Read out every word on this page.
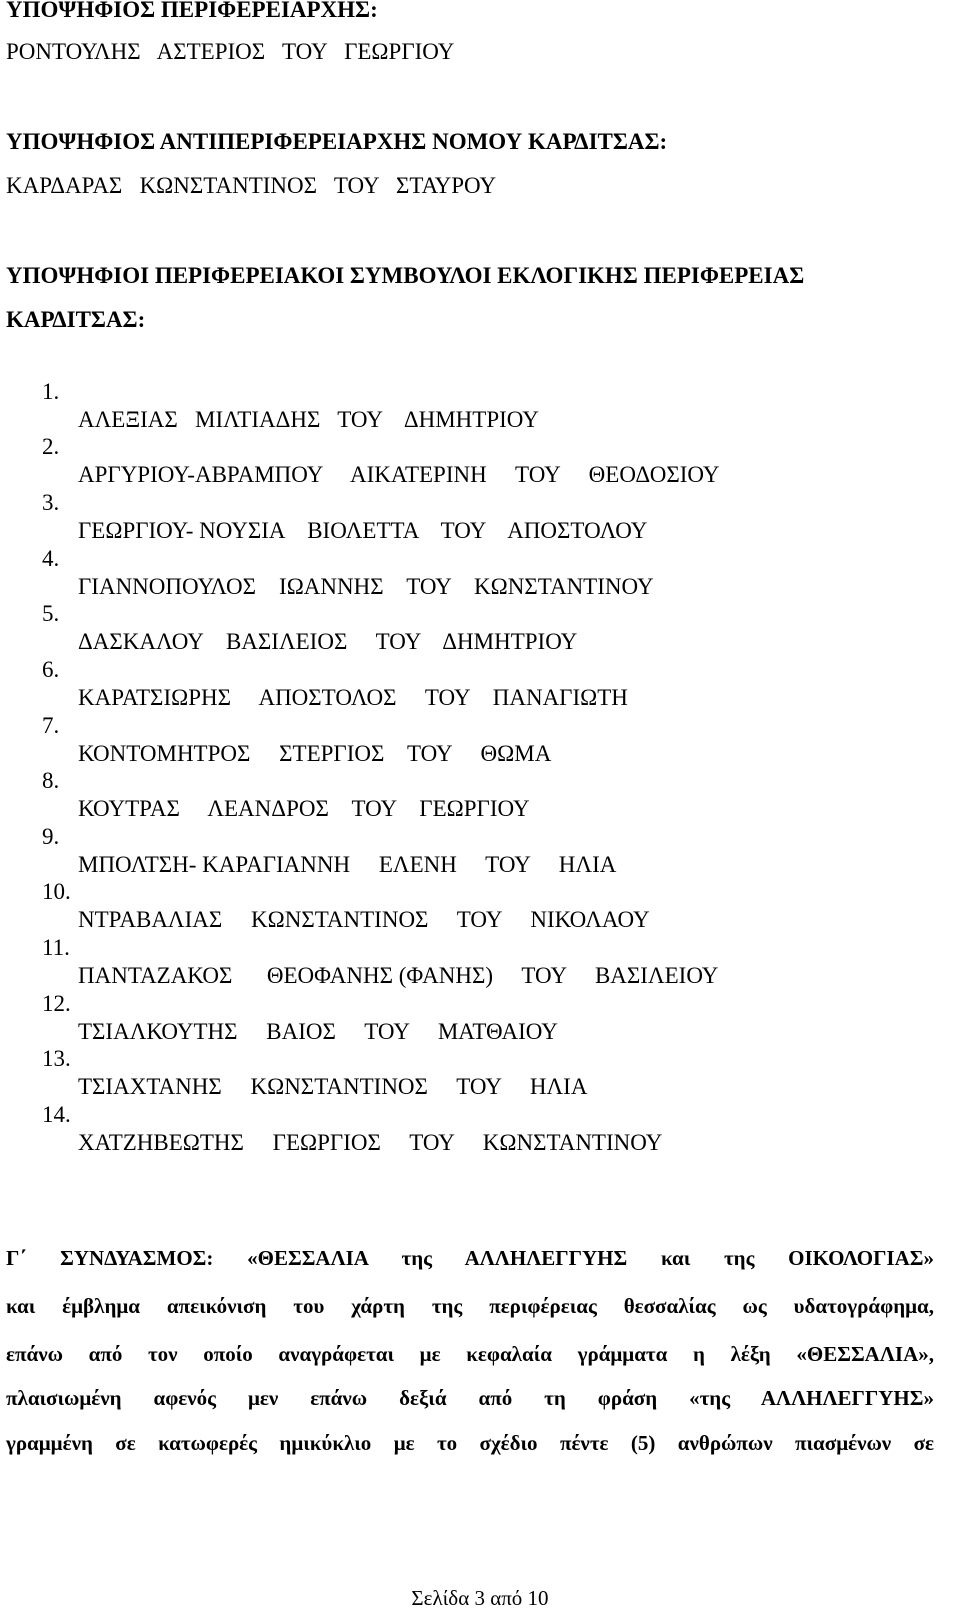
ΥΠΟΨΗΦΙΟΣ ΠΕΡΙΦΕΡΕΙΑΡΧΗΣ:
ΡΟΝΤΟΥΛΗΣ   ΑΣΤΕΡΙΟΣ   ΤΟΥ   ΓΕΩΡΓΙΟΥ
ΥΠΟΨΗΦΙΟΣ ΑΝΤΙΠΕΡΙΦΕΡΕΙΑΡΧΗΣ ΝΟΜΟΥ ΚΑΡΔΙΤΣΑΣ:
ΚΑΡΔΑΡΑΣ   ΚΩΝΣΤΑΝΤΙΝΟΣ   ΤΟΥ   ΣΤΑΥΡΟΥ
ΥΠΟΨΗΦΙΟΙ ΠΕΡΙΦΕΡΕΙΑΚΟΙ ΣΥΜΒΟΥΛΟΙ ΕΚΛΟΓΙΚΗΣ ΠΕΡΙΦΕΡΕΙΑΣ
ΚΑΡΔΙΤΣΑΣ:

1.

ΑΛΕΞΙΑΣ   ΜΙΛΤΙΑΔΗΣ   ΤΟΥ    ΔΗΜΗΤΡΙΟΥ

2.

ΑΡΓΥΡΙΟΥ-ΑΒΡΑΜΠΟΥ     ΑΙΚΑΤΕΡΙΝΗ     ΤΟΥ     ΘΕΟΔΟΣΙΟΥ

3.

ΓΕΩΡΓΙΟΥ- ΝΟΥΣΙΑ    ΒΙΟΛΕΤΤΑ    ΤΟΥ    ΑΠΟΣΤΟΛΟΥ

4.

ΓΙΑΝΝΟΠΟΥΛΟΣ    ΙΩΑΝΝΗΣ    ΤΟΥ    ΚΩΝΣΤΑΝΤΙΝΟΥ

5.

ΔΑΣΚΑΛΟΥ    ΒΑΣΙΛΕΙΟΣ     ΤΟΥ    ΔΗΜΗΤΡΙΟΥ

6.

ΚΑΡΑΤΣΙΩΡΗΣ     ΑΠΟΣΤΟΛΟΣ     ΤΟΥ    ΠΑΝΑΓΙΩΤΗ

7.

ΚΟΝΤΟΜΗΤΡΟΣ     ΣΤΕΡΓΙΟΣ    ΤΟΥ     ΘΩΜΑ

8.

ΚΟΥΤΡΑΣ     ΛΕΑΝΔΡΟΣ    ΤΟΥ    ΓΕΩΡΓΙΟΥ

9.

ΜΠΟΛΤΣΗ- ΚΑΡΑΓΙΑΝΝΗ     ΕΛΕΝΗ     ΤΟΥ     ΗΛΙΑ

10.

ΝΤΡΑΒΑΛΙΑΣ     ΚΩΝΣΤΑΝΤΙΝΟΣ     ΤΟΥ     ΝΙΚΟΛΑΟΥ

11.

ΠΑΝΤΑΖΑΚΟΣ      ΘΕΟΦΑΝΗΣ (ΦΑΝΗΣ)     ΤΟΥ     ΒΑΣΙΛΕΙΟΥ

12.

ΤΣΙΑΛΚΟΥΤΗΣ     ΒΑΙΟΣ     ΤΟΥ     ΜΑΤΘΑΙΟΥ

13.

ΤΣΙΑΧΤΑΝΗΣ     ΚΩΝΣΤΑΝΤΙΝΟΣ     ΤΟΥ     ΗΛΙΑ

14.

ΧΑΤΖΗΒΕΩΤΗΣ     ΓΕΩΡΓΙΟΣ     ΤΟΥ     ΚΩΝΣΤΑΝΤΙΝΟΥ

Γ΄ ΣΥΝΔΥΑΣΜΟΣ: «ΘΕΣΣΑΛΙΑ της ΑΛΛΗΛΕΓΓΥΗΣ και της ΟΙΚΟΛΟΓΙΑΣ»
και έμβλημα απεικόνιση του χάρτη της περιφέρειας θεσσαλίας ως υδατογράφημα,
επάνω από τον οποίο αναγράφεται με κεφαλαία γράμματα η λέξη «ΘΕΣΣΑΛΙΑ»,
πλαισιωμένη αφενός μεν επάνω δεξιά από τη φράση «της ΑΛΛΗΛΕΓΓΥΗΣ»
γραμμένη σε κατωφερές ημικύκλιο με το σχέδιο πέντε (5) ανθρώπων πιασμένων σε
Σελίδα 3 από 10
